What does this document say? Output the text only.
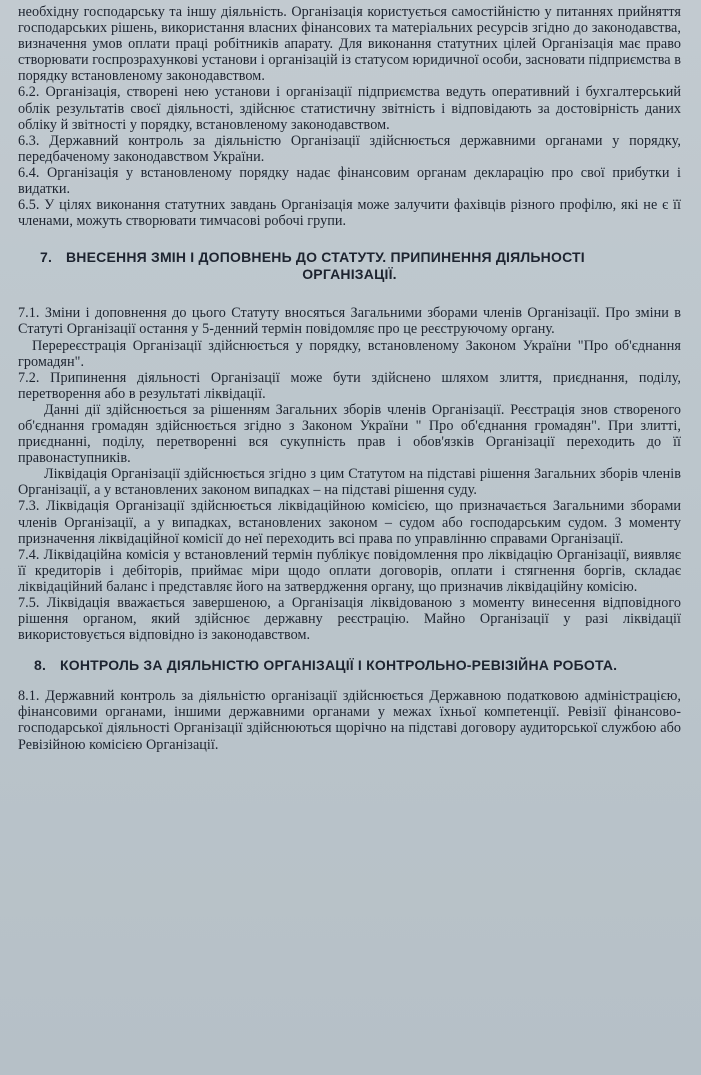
необхідну господарську та іншу діяльність. Організація користується самостійністю у питаннях прийняття господарських рішень, використання власних фінансових та матеріальних ресурсів згідно до законодавства, визначення умов оплати праці робітників апарату. Для виконання статутних цілей Організація має право створювати госпрозрахункові установи і організацій із статусом юридичної особи, засновати підприємства в порядку встановленому законодавством.

6.2. Організація, створені нею установи і організації підприємства ведуть оперативний і бухгалтерський облік результатів своєї діяльності, здійснює статистичну звітність і відповідають за достовірність даних обліку й звітності у порядку, встановленому законодавством.

6.3. Державний контроль за діяльністю Організації здійснюється державними органами у порядку, передбаченому законодавством України.

6.4. Організація у встановленому порядку надає фінансовим органам декларацію про свої прибутки і видатки.

6.5. У цілях виконання статутних завдань Організація може залучити фахівців різного профілю, які не є її членами, можуть створювати тимчасові робочі групи.

7. ВНЕСЕННЯ ЗМІН І ДОПОВНЕНЬ ДО СТАТУТУ. ПРИПИНЕННЯ ДІЯЛЬНОСТІ
ОРГАНІЗАЦІЇ.

7.1. Зміни і доповнення до цього Статуту вносяться Загальними зборами членів Організації. Про зміни в Статуті Організації остання у 5-денний термін повідомляє про це реєструючому органу.

Перереєстрація Організації здійснюється у порядку, встановленому Законом України "Про об'єднання громадян".

7.2. Припинення діяльності Організації може бути здійснено шляхом злиття, приєднання, поділу, перетворення або в результаті ліквідації.

Данні дії здійснюється за рішенням Загальних зборів членів Організації. Реєстрація знов створеного об'єднання громадян здійснюється згідно з Законом України " Про об'єднання громадян". При злитті, приєднанні, поділу, перетворенні вся сукупність прав і обов'язків Організації переходить до її правонаступників.

Ліквідація Організації здійснюється згідно з цим Статутом на підставі рішення Загальних зборів членів Організації, а у встановлених законом випадках – на підставі рішення суду.

7.3. Ліквідація Організації здійснюється ліквідаційною комісією, що призначається Загальними зборами членів Організації, а у випадках, встановлених законом – судом або господарським судом. З моменту призначення ліквідаційної комісії до неї переходить всі права по управлінню справами Організації.

7.4. Ліквідаційна комісія у встановлений термін публікує повідомлення про ліквідацію Організації, виявляє її кредиторів і дебіторів, приймає міри щодо оплати договорів, оплати і стягнення боргів, складає ліквідаційний баланс і представляє його на затвердження органу, що призначив ліквідаційну комісію.

7.5. Ліквідація вважається завершеною, а Організація ліквідованою з моменту винесення відповідного рішення органом, який здійснює державну реєстрацію. Майно Організації у разі ліквідації використовується відповідно із законодавством.

8. КОНТРОЛЬ ЗА ДІЯЛЬНІСТЮ ОРГАНІЗАЦІЇ І КОНТРОЛЬНО-РЕВІЗІЙНА РОБОТА.

8.1. Державний контроль за діяльністю організації здійснюється Державною податковою адміністрацією, фінансовими органами, іншими державними органами у межах їхньої компетенції. Ревізії фінансово-господарської діяльності Організації здійснюються щорічно на підставі договору аудиторської службою або Ревізійною комісією Організації.
